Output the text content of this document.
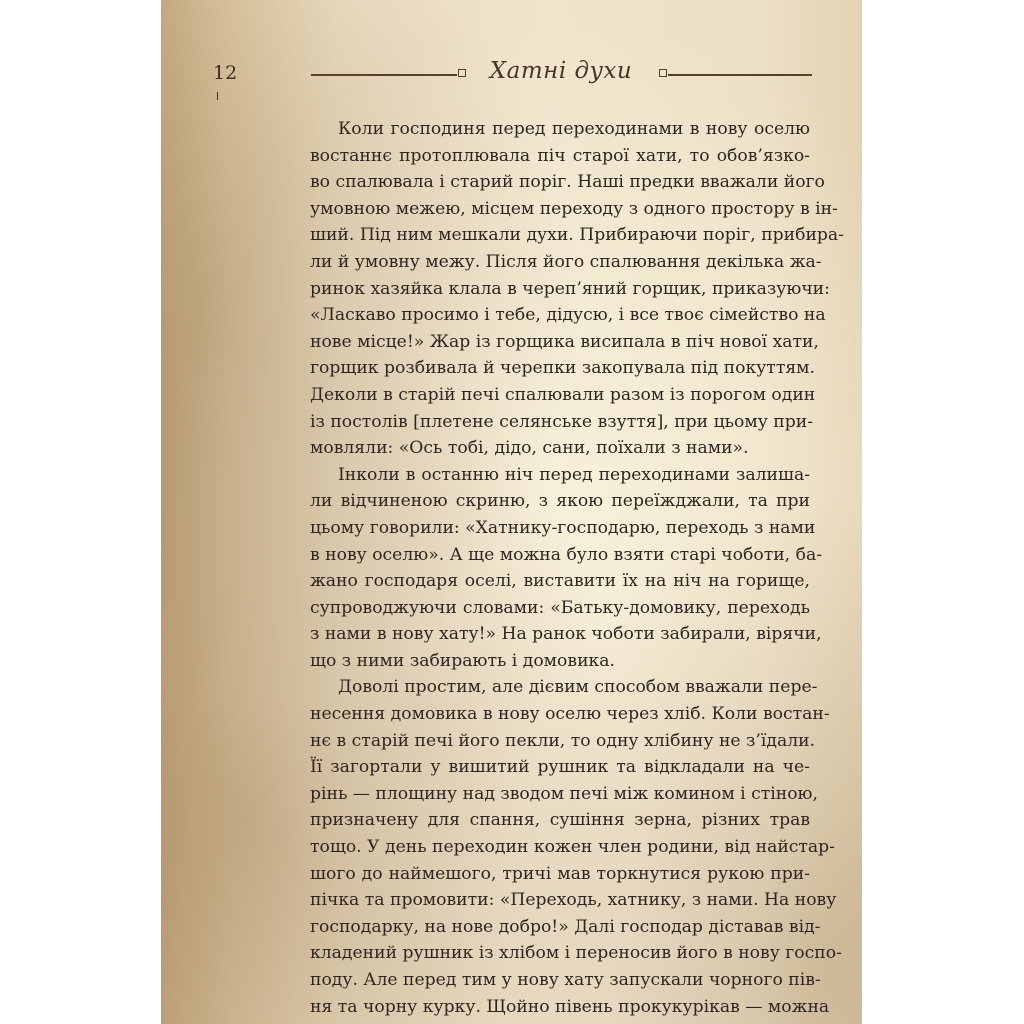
12	Хатні духи
Коли господиня перед переходинами в нову оселю
востаннє протоплювала піч старої хати, то обов’язко-
во спалювала і старий поріг. Наші предки вважали його
умовною межею, місцем переходу з одного простору в ін-
ший. Під ним мешкали духи. Прибираючи поріг, прибира-
ли й умовну межу. Після його спалювання декілька жа-
ринок хазяйка клала в череп’яний горщик, приказуючи:
«Ласкаво просимо і тебе, дідусю, і все твоє сімейство на
нове місце!» Жар із горщика висипала в піч нової хати,
горщик розбивала й черепки закопувала під покуттям.
Деколи в старій печі спалювали разом із порогом один
із постолів [плетене селянське взуття], при цьому при-
мовляли: «Ось тобі, дідо, сани, поїхали з нами».
Інколи в останню ніч перед переходинами залиша-
ли відчиненою скриню, з якою переїжджали, та при
цьому говорили: «Хатнику-господарю, переходь з нами
в нову оселю». А ще можна було взяти старі чоботи, ба-
жано господаря оселі, виставити їх на ніч на горище,
супроводжуючи словами: «Батьку-домовику, переходь
з нами в нову хату!» На ранок чоботи забирали, вірячи,
що з ними забирають і домовика.
Доволі простим, але дієвим способом вважали пере-
несення домовика в нову оселю через хліб. Коли востан-
нє в старій печі його пекли, то одну хлібину не з’їдали.
Її загортали у вишитий рушник та відкладали на че-
рінь — площину над зводом печі між комином і стіною,
призначену для спання, сушіння зерна, різних трав
тощо. У день переходин кожен член родини, від найстар-
шого до наймешого, тричі мав торкнутися рукою при-
пічка та промовити: «Переходь, хатнику, з нами. На нову
господарку, на нове добро!» Далі господар діставав від-
кладений рушник із хлібом і переносив його в нову госпо-
поду. Але перед тим у нову хату запускали чорного пів-
ня та чорну курку. Щойно півень прокукурікав — можна
